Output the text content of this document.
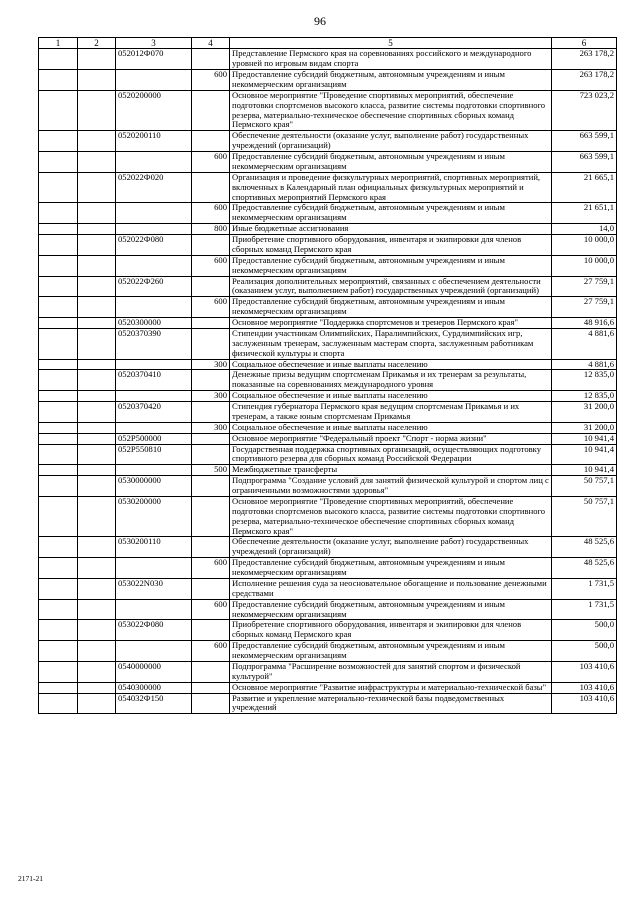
96
1	2	3	4	5	6
		052012Ф070		Представление Пермского края на соревнованиях российского и международного уровней по игровым видам спорта	263 178,2
			600	Предоставление субсидий бюджетным, автономным учреждениям и иным некоммерческим организациям	263 178,2
		0520200000		Основное мероприятие "Проведение спортивных мероприятий, обеспечение подготовки спортсменов высокого класса, развитие системы подготовки спортивного резерва, материально-техническое обеспечение спортивных сборных команд Пермского края"	723 023,2
		0520200110		Обеспечение деятельности (оказание услуг, выполнение работ) государственных учреждений (организаций)	663 599,1
			600	Предоставление субсидий бюджетным, автономным учреждениям и иным некоммерческим организациям	663 599,1
		052022Ф020		Организация и проведение физкультурных мероприятий, спортивных мероприятий, включенных в Календарный план официальных физкультурных мероприятий и спортивных мероприятий Пермского края	21 665,1
			600	Предоставление субсидий бюджетным, автономным учреждениям и иным некоммерческим организациям	21 651,1
			800	Иные бюджетные ассигнования	14,0
		052022Ф080		Приобретение спортивного оборудования, инвентаря и экипировки для членов сборных команд Пермского края	10 000,0
			600	Предоставление субсидий бюджетным, автономным учреждениям и иным некоммерческим организациям	10 000,0
		052022Ф260		Реализация дополнительных мероприятий, связанных с обеспечением деятельности (оказанием услуг, выполнением работ) государственных учреждений (организаций)	27 759,1
			600	Предоставление субсидий бюджетным, автономным учреждениям и иным некоммерческим организациям	27 759,1
		0520300000		Основное мероприятие "Поддержка спортсменов и тренеров Пермского края"	48 916,6
		0520370390		Стипендии участникам Олимпийских, Паралимпийских, Сурдлимпийских игр, заслуженным тренерам, заслуженным мастерам спорта, заслуженным работникам физической культуры и спорта	4 881,6
			300	Социальное обеспечение и иные выплаты населению	4 881,6
		0520370410		Денежные призы ведущим спортсменам Прикамья и их тренерам за результаты, показанные на соревнованиях международного уровня	12 835,0
			300	Социальное обеспечение и иные выплаты населению	12 835,0
		0520370420		Стипендия губернатора Пермского края ведущим спортсменам Прикамья и их тренерам, а также юным спортсменам Прикамья	31 200,0
			300	Социальное обеспечение и иные выплаты населению	31 200,0
		052P500000		Основное мероприятие "Федеральный проект "Спорт - норма жизни"	10 941,4
		052P550810		Государственная поддержка спортивных организаций, осуществляющих подготовку спортивного резерва для сборных команд Российской Федерации	10 941,4
			500	Межбюджетные трансферты	10 941,4
		0530000000		Подпрограмма "Создание условий для занятий физической культурой и спортом лиц с ограниченными возможностями здоровья"	50 757,1
		0530200000		Основное мероприятие "Проведение спортивных мероприятий, обеспечение подготовки спортсменов высокого класса, развитие системы подготовки спортивного резерва, материально-техническое обеспечение спортивных сборных команд Пермского края"	50 757,1
		0530200110		Обеспечение деятельности (оказание услуг, выполнение работ) государственных учреждений (организаций)	48 525,6
			600	Предоставление субсидий бюджетным, автономным учреждениям и иным некоммерческим организациям	48 525,6
		053022N030		Исполнение решения суда за неосновательное обогащение и пользование денежными средствами	1 731,5
			600	Предоставление субсидий бюджетным, автономным учреждениям и иным некоммерческим организациям	1 731,5
		053022Ф080		Приобретение спортивного оборудования, инвентаря и экипировки для членов сборных команд Пермского края	500,0
			600	Предоставление субсидий бюджетным, автономным учреждениям и иным некоммерческим организациям	500,0
		0540000000		Подпрограмма "Расширение возможностей для занятий спортом и физической культурой"	103 410,6
		0540300000		Основное мероприятие "Развитие инфраструктуры и материально-технической базы"	103 410,6
		054032Ф150		Развитие и укрепление материально-технической базы подведомственных учреждений	103 410,6
2171-21
